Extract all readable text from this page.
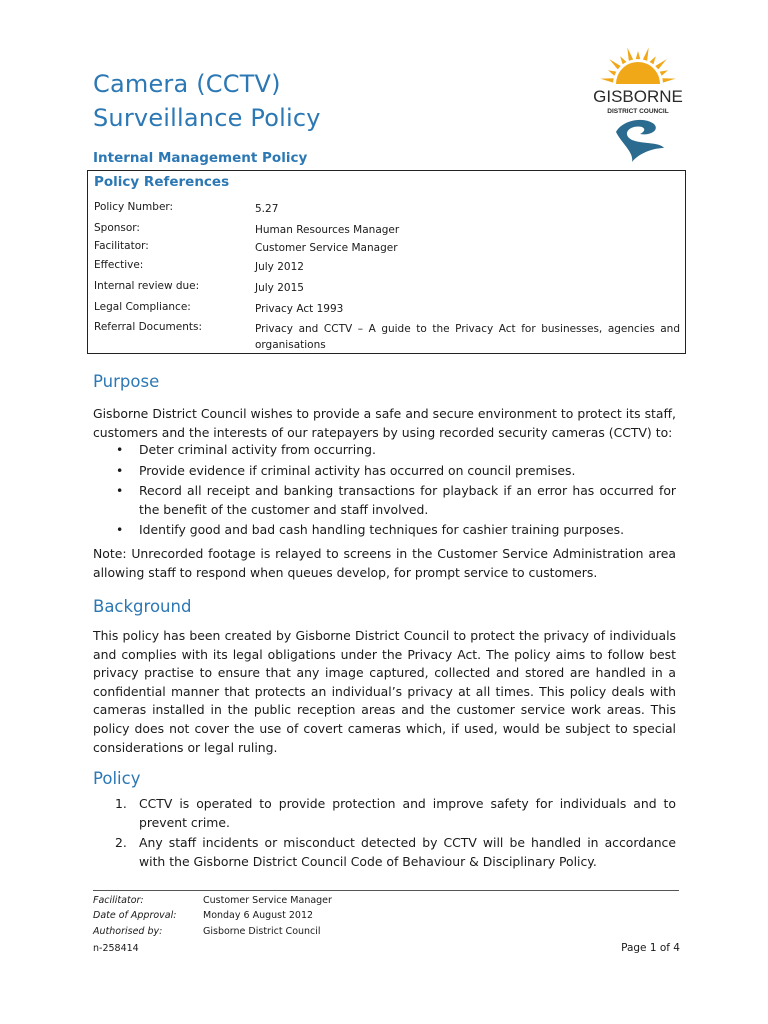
Camera (CCTV)
Surveillance Policy
Internal Management Policy
GISBORNE
DISTRICT COUNCIL
Policy References
Policy Number:	5.27
Sponsor:	Human Resources Manager
Facilitator:	Customer Service Manager
Effective:	July 2012
Internal review due:	July 2015
Legal Compliance:	Privacy Act 1993
Referral Documents:	Privacy and CCTV – A guide to the Privacy Act for businesses, agencies and organisations
Purpose
Gisborne District Council wishes to provide a safe and secure environment to protect its staff, customers and the interests of our ratepayers by using recorded security cameras (CCTV) to:
• Deter criminal activity from occurring.
• Provide evidence if criminal activity has occurred on council premises.
• Record all receipt and banking transactions for playback if an error has occurred for the benefit of the customer and staff involved.
• Identify good and bad cash handling techniques for cashier training purposes.
Note: Unrecorded footage is relayed to screens in the Customer Service Administration area allowing staff to respond when queues develop, for prompt service to customers.
Background
This policy has been created by Gisborne District Council to protect the privacy of individuals and complies with its legal obligations under the Privacy Act. The policy aims to follow best privacy practise to ensure that any image captured, collected and stored are handled in a confidential manner that protects an individual’s privacy at all times. This policy deals with cameras installed in the public reception areas and the customer service work areas. This policy does not cover the use of covert cameras which, if used, would be subject to special considerations or legal ruling.
Policy
1. CCTV is operated to provide protection and improve safety for individuals and to prevent crime.
2. Any staff incidents or misconduct detected by CCTV will be handled in accordance with the Gisborne District Council Code of Behaviour & Disciplinary Policy.
Facilitator:	Customer Service Manager
Date of Approval:	Monday 6 August 2012
Authorised by:	Gisborne District Council
n-258414	Page 1 of 4
